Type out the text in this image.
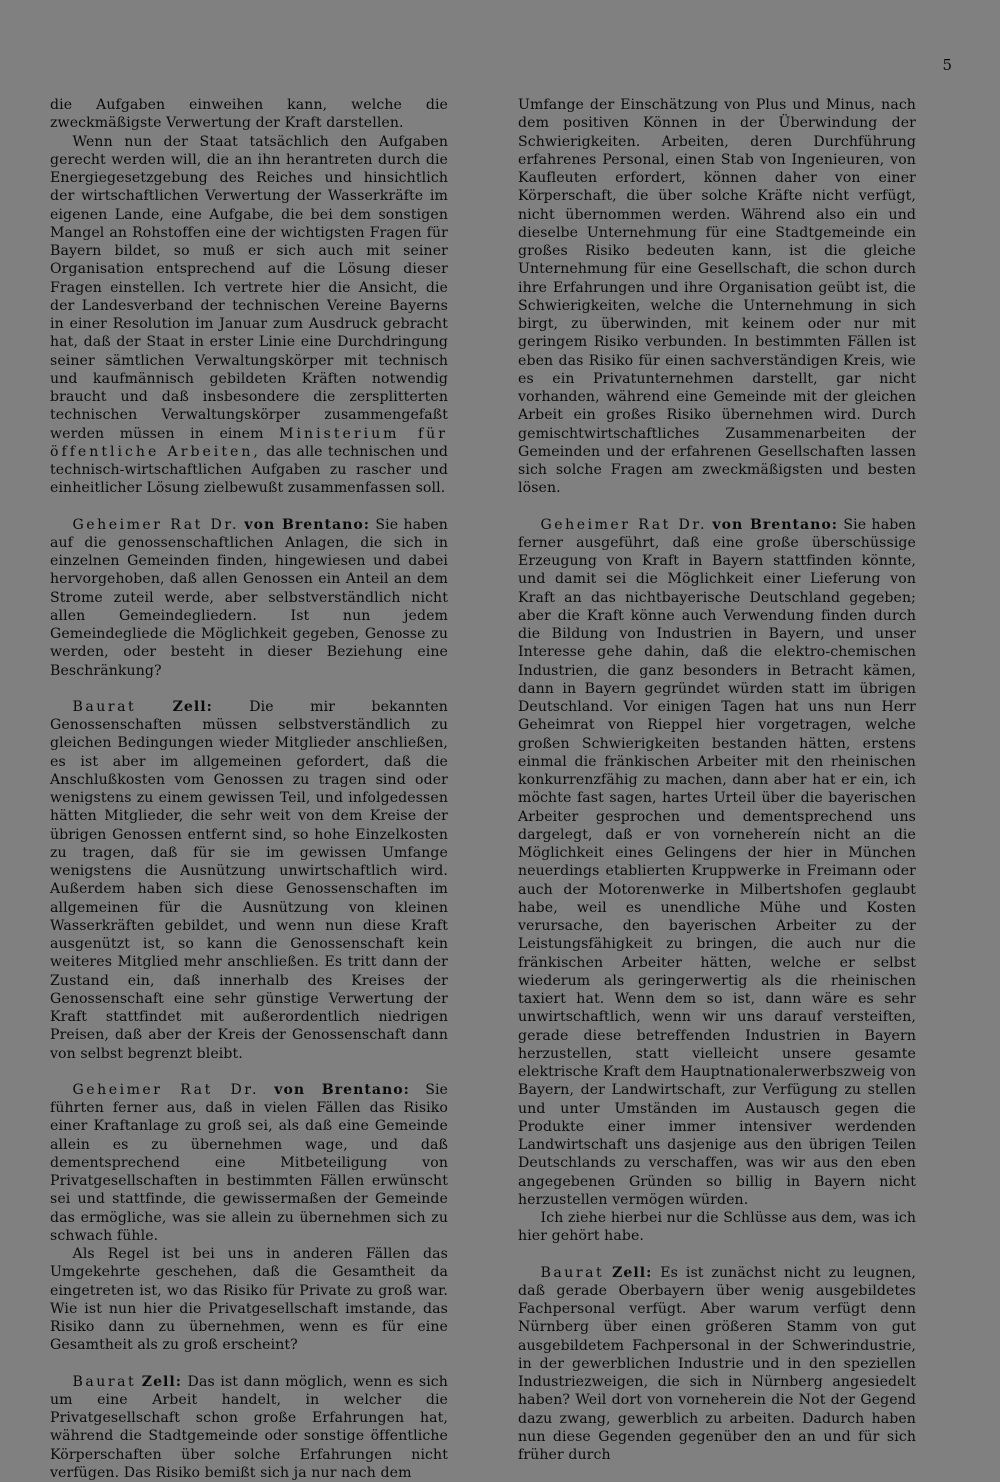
5

die Aufgaben einweihen kann, welche die zweckmäßigste Verwertung der Kraft darstellen.

Wenn nun der Staat tatsächlich den Aufgaben gerecht werden will, die an ihn herantreten durch die Energiegesetzgebung des Reiches und hinsichtlich der wirtschaftlichen Verwertung der Wasserkräfte im eigenen Lande, eine Aufgabe, die bei dem sonstigen Mangel an Rohstoffen eine der wichtigsten Fragen für Bayern bildet, so muß er sich auch mit seiner Organisation entsprechend auf die Lösung dieser Fragen einstellen. Ich vertrete hier die Ansicht, die der Landesverband der technischen Vereine Bayerns in einer Resolution im Januar zum Ausdruck gebracht hat, daß der Staat in erster Linie eine Durchdringung seiner sämtlichen Verwaltungskörper mit technisch und kaufmännisch gebildeten Kräften notwendig braucht und daß insbesondere die zersplitterten technischen Verwaltungskörper zusammengefaßt werden müssen in einem Ministerium für öffentliche Arbeiten, das alle technischen und technisch-wirtschaftlichen Aufgaben zu rascher und einheitlicher Lösung zielbewußt zusammenfassen soll.

Geheimer Rat Dr. von Brentano: Sie haben auf die genossenschaftlichen Anlagen, die sich in einzelnen Gemeinden finden, hingewiesen und dabei hervorgehoben, daß allen Genossen ein Anteil an dem Strome zuteil werde, aber selbstverständlich nicht allen Gemeindegliedern. Ist nun jedem Gemeindegliede die Möglichkeit gegeben, Genosse zu werden, oder besteht in dieser Beziehung eine Beschränkung?

Baurat	Zell:	Die mir bekannten Genossenschaften müssen selbstverständlich zu gleichen Bedingungen wieder Mitglieder anschließen, es ist aber im allgemeinen gefordert, daß die Anschlußkosten vom Genossen zu tragen sind oder wenigstens zu einem gewissen Teil, und infolgedessen hätten Mitglieder, die sehr weit von dem Kreise der übrigen Genossen entfernt sind, so hohe Einzelkosten zu tragen, daß für sie im gewissen Umfange wenigstens die Ausnützung unwirtschaftlich wird. Außerdem haben sich diese Genossenschaften im allgemeinen für die Ausnützung von kleinen Wasserkräften gebildet, und wenn nun diese Kraft ausgenützt ist, so kann die Genossenschaft kein weiteres Mitglied mehr anschließen. Es tritt dann der Zustand ein, daß innerhalb des Kreises der Genossenschaft eine sehr günstige Verwertung der Kraft stattfindet mit außerordentlich niedrigen Preisen, daß aber der Kreis der Genossenschaft dann von selbst begrenzt bleibt.

Geheimer Rat Dr. von Brentano: Sie führten ferner aus, daß in vielen Fällen das Risiko einer Kraftanlage zu groß sei, als daß eine Gemeinde allein es zu übernehmen wage, und daß dementsprechend eine Mitbeteiligung von Privatgesellschaften in bestimmten Fällen erwünscht sei und stattfinde, die gewissermaßen der Gemeinde das ermögliche, was sie allein zu übernehmen sich zu schwach fühle.

Als Regel ist bei uns in anderen Fällen das Umgekehrte geschehen, daß die Gesamtheit da eingetreten ist, wo das Risiko für Private zu groß war. Wie ist nun hier die Privatgesellschaft imstande, das Risiko dann zu übernehmen, wenn es für eine Gesamtheit als zu groß erscheint?

Baurat Zell: Das ist dann möglich, wenn es sich um eine Arbeit handelt, in welcher die Privatgesellschaft schon große Erfahrungen hat, während die Stadtgemeinde oder sonstige öffentliche Körperschaften über solche Erfahrungen nicht verfügen. Das Risiko bemißt sich ja nur nach dem

Umfange der Einschätzung von Plus und Minus, nach dem positiven Können in der Überwindung der Schwierigkeiten. Arbeiten, deren Durchführung erfahrenes Personal, einen Stab von Ingenieuren, von Kaufleuten erfordert, können daher von einer Körperschaft, die über solche Kräfte nicht verfügt, nicht übernommen werden. Während also ein und dieselbe Unternehmung für eine Stadtgemeinde ein großes Risiko bedeuten kann, ist die gleiche Unternehmung für eine Gesellschaft, die schon durch ihre Erfahrungen und ihre Organisation geübt ist, die Schwierigkeiten, welche die Unternehmung in sich birgt, zu überwinden, mit keinem oder nur mit geringem Risiko verbunden. In bestimmten Fällen ist eben das Risiko für einen sachverständigen Kreis, wie es ein Privatunternehmen darstellt, gar nicht vorhanden, während eine Gemeinde mit der gleichen Arbeit ein großes Risiko übernehmen wird. Durch gemischtwirtschaftliches Zusammenarbeiten der Gemeinden und der erfahrenen Gesellschaften lassen sich solche Fragen am zweckmäßigsten und besten lösen.

Geheimer Rat Dr. von Brentano: Sie haben ferner ausgeführt, daß eine große überschüssige Erzeugung von Kraft in Bayern stattfinden könnte, und damit sei die Möglichkeit einer Lieferung von Kraft an das nichtbayerische Deutschland gegeben; aber die Kraft könne auch Verwendung finden durch die Bildung von Industrien in Bayern, und unser Interesse gehe dahin, daß die elektro-chemischen Industrien, die ganz besonders in Betracht kämen, dann in Bayern gegründet würden statt im übrigen Deutschland. Vor einigen Tagen hat uns nun Herr Geheimrat von Rieppel hier vorgetragen, welche großen Schwierigkeiten bestanden hätten, erstens einmal die fränkischen Arbeiter mit den rheinischen konkurrenzfähig zu machen, dann aber hat er ein, ich möchte fast sagen, hartes Urteil über die bayerischen Arbeiter gesprochen und dementsprechend uns dargelegt, daß er von vornehereín nicht an die Möglichkeit eines Gelingens der hier in München neuerdings etablierten Kruppwerke in Freimann oder auch der Motorenwerke in Milbertshofen geglaubt habe, weil es unendliche Mühe und Kosten verursache, den bayerischen Arbeiter zu der Leistungsfähigkeit zu bringen, die auch nur die fränkischen Arbeiter hätten, welche er selbst wiederum als geringerwertig als die rheinischen taxiert hat. Wenn dem so ist, dann wäre es sehr unwirtschaftlich, wenn wir uns darauf versteiften, gerade diese betreffenden Industrien in Bayern herzustellen, statt vielleicht unsere gesamte elektrische Kraft dem Hauptnationalerwerbszweig von Bayern, der Landwirtschaft, zur Verfügung zu stellen und unter Umständen im Austausch gegen die Produkte einer immer intensiver werdenden Landwirtschaft uns dasjenige aus den übrigen Teilen Deutschlands zu verschaffen, was wir aus den eben angegebenen Gründen so billig in Bayern nicht herzustellen vermögen würden.

Ich ziehe hierbei nur die Schlüsse aus dem, was ich hier gehört habe.

Baurat Zell: Es ist zunächst nicht zu leugnen, daß gerade Oberbayern über wenig ausgebildetes Fachpersonal verfügt. Aber warum verfügt denn Nürnberg über einen größeren Stamm von gut ausgebildetem Fachpersonal in der Schwerindustrie, in der gewerblichen Industrie und in den speziellen Industriezweigen, die sich in Nürnberg angesiedelt haben? Weil dort von vorneherein die Not der Gegend dazu zwang, gewerblich zu arbeiten. Dadurch haben nun diese Gegenden gegenüber den an und für sich früher durch
